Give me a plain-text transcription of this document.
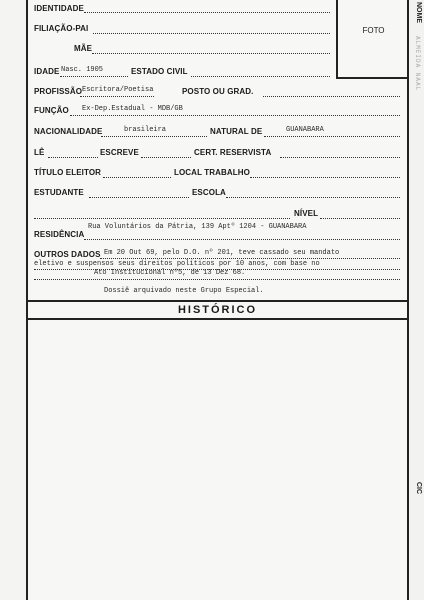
NOME
ALMEIDA NAAL
CIC
FOTO
IDENTIDADE
FILIAÇÃO-PAI
MÃE
IDADE Nasc. 1905	ESTADO CIVIL
PROFISSÃO Escritora/Poetisa	POSTO OU GRAD.
FUNÇÃO Ex-Dep.Estadual - MDB/GB
NACIONALIDADE	brasileira	NATURAL DE	GUANABARA
LÊ	ESCREVE	CERT. RESERVISTA
TÍTULO ELEITOR	LOCAL TRABALHO
ESTUDANTE	ESCOLA
NÍVEL
RESIDÊNCIA
Rua Voluntários da Pátria, 139 Aptº 1204 - GUANABARA
OUTROS DADOS Em 20 Out 69, pelo D.O. nº 201, teve cassado seu mandato
eletivo e suspensos seus direitos políticos por 10 anos, com base no
Ato Institucional nº5, de 13 Dez 68.
Dossiê arquivado neste Grupo Especial.
HISTÓRICO
